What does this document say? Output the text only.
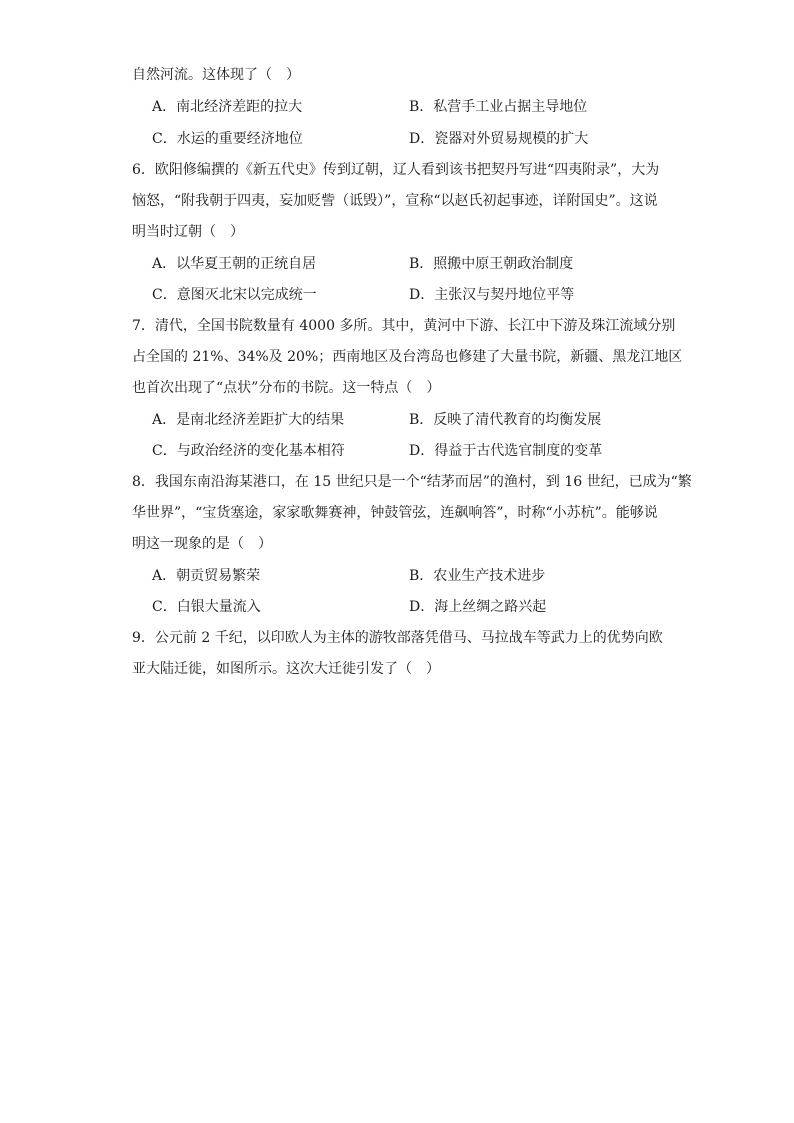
自然河流。这体现了（　）
A．南北经济差距的拉大	B．私营手工业占据主导地位
C．水运的重要经济地位	D．瓷器对外贸易规模的扩大
6．欧阳修编撰的《新五代史》传到辽朝，辽人看到该书把契丹写进“四夷附录”，大为
恼怒，“附我朝于四夷，妄加贬訾（诋毁）”，宣称“以赵氏初起事迹，详附国史”。这说
明当时辽朝（　）
A．以华夏王朝的正统自居	B．照搬中原王朝政治制度
C．意图灭北宋以完成统一	D．主张汉与契丹地位平等
7．清代，全国书院数量有 4000 多所。其中，黄河中下游、长江中下游及珠江流域分别
占全国的 21%、34%及 20%；西南地区及台湾岛也修建了大量书院，新疆、黑龙江地区
也首次出现了“点状”分布的书院。这一特点（　）
A．是南北经济差距扩大的结果	B．反映了清代教育的均衡发展
C．与政治经济的变化基本相符	D．得益于古代选官制度的变革
8．我国东南沿海某港口，在 15 世纪只是一个“结茅而居”的渔村，到 16 世纪，已成为“繁
华世界”，“宝货塞途，家家歌舞赛神，钟鼓管弦，连飙响答”，时称“小苏杭”。能够说
明这一现象的是（　）
A．朝贡贸易繁荣	B．农业生产技术进步
C．白银大量流入	D．海上丝绸之路兴起
9．公元前 2 千纪，以印欧人为主体的游牧部落凭借马、马拉战车等武力上的优势向欧
亚大陆迁徙，如图所示。这次大迁徙引发了（　）
